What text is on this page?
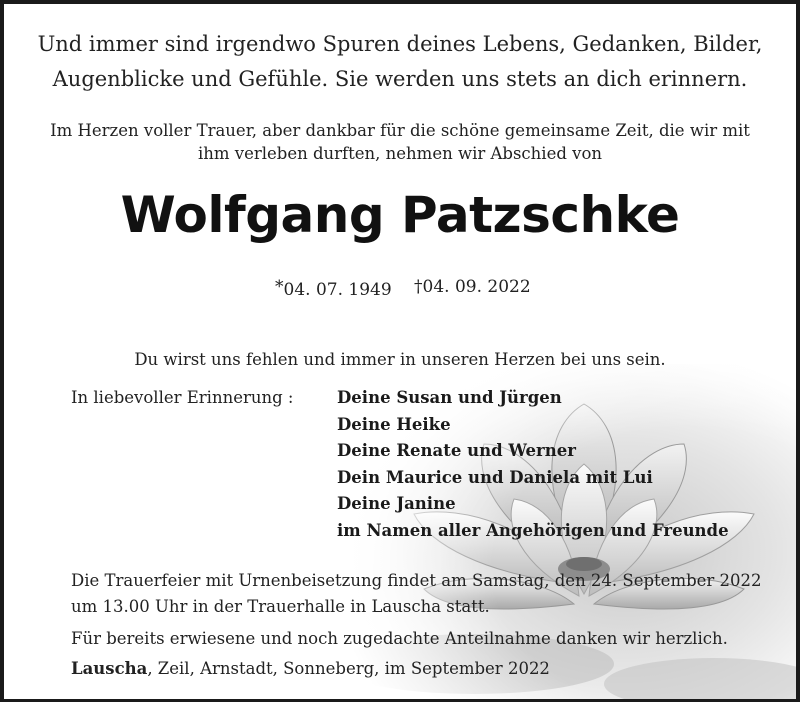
Und immer sind irgendwo Spuren deines Lebens, Gedanken, Bilder,
Augenblicke und Gefühle. Sie werden uns stets an dich erinnern.
Im Herzen voller Trauer, aber dankbar für die schöne gemeinsame Zeit, die wir mit
ihm verleben durften, nehmen wir Abschied von
Wolfgang Patzschke
*04. 07. 1949 †04. 09. 2022
Du wirst uns fehlen und immer in unseren Herzen bei uns sein.
In liebevoller Erinnerung :	Deine Susan und Jürgen
Deine Heike
Deine Renate und Werner
Dein Maurice und Daniela mit Lui
Deine Janine
im Namen aller Angehörigen und Freunde
Die Trauerfeier mit Urnenbeisetzung findet am Samstag, den 24. September 2022
um 13.00 Uhr in der Trauerhalle in Lauscha statt.
Für bereits erwiesene und noch zugedachte Anteilnahme danken wir herzlich.
Lauscha, Zeil, Arnstadt, Sonneberg, im September 2022
